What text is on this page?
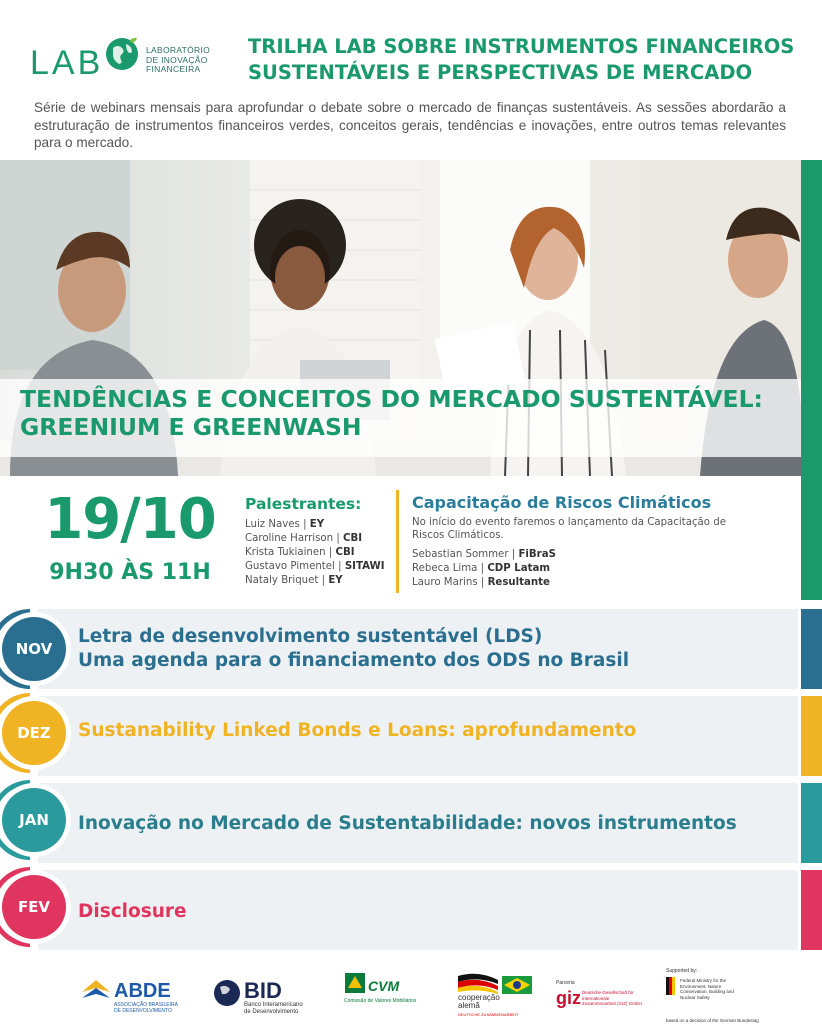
LAB	LABORATÓRIO
DE INOVAÇÃO
FINANCEIRA
TRILHA LAB SOBRE INSTRUMENTOS FINANCEIROS
SUSTENTÁVEIS E PERSPECTIVAS DE MERCADO
Série de webinars mensais para aprofundar o debate sobre o mercado de finanças sustentáveis. As sessões abordarão a estruturação de instrumentos financeiros verdes, conceitos gerais, tendências e inovações, entre outros temas relevantes para o mercado.
TENDÊNCIAS E CONCEITOS DO MERCADO SUSTENTÁVEL:
GREENIUM E GREENWASH
19/10
9H30 ÀS 11H
Palestrantes:
Luiz Naves | EY
Caroline Harrison | CBI
Krista Tukiainen | CBI
Gustavo Pimentel | SITAWI
Nataly Briquet | EY
Capacitação de Riscos Climáticos
No início do evento faremos o lançamento da Capacitação de Riscos Climáticos.
Sebastian Sommer | FiBraS
Rebeca Lima | CDP Latam
Lauro Marins | Resultante
NOV
Letra de desenvolvimento sustentável (LDS)
Uma agenda para o financiamento dos ODS no Brasil
DEZ	Sustanability Linked Bonds e Loans: aprofundamento
JAN	Inovação no Mercado de Sustentabilidade: novos instrumentos
FEV	Disclosure
ABDE
ASSOCIAÇÃO BRASILEIRA DE DESENVOLVIMENTO
BID
Banco Interamericano
de Desenvolvimento
CVM
Comissão de Valores Mobiliários	cooperação
alemã
DEUTSCHE ZUSAMMENARBEIT
Parceria
giz Deutsche Gesellschaft für Internationale Zusammenarbeit (GIZ) GmbH
Supported by:
Federal Ministry for the Environment, Nature Conservation, Building and Nuclear Safety
based on a decision of the German Bundestag
